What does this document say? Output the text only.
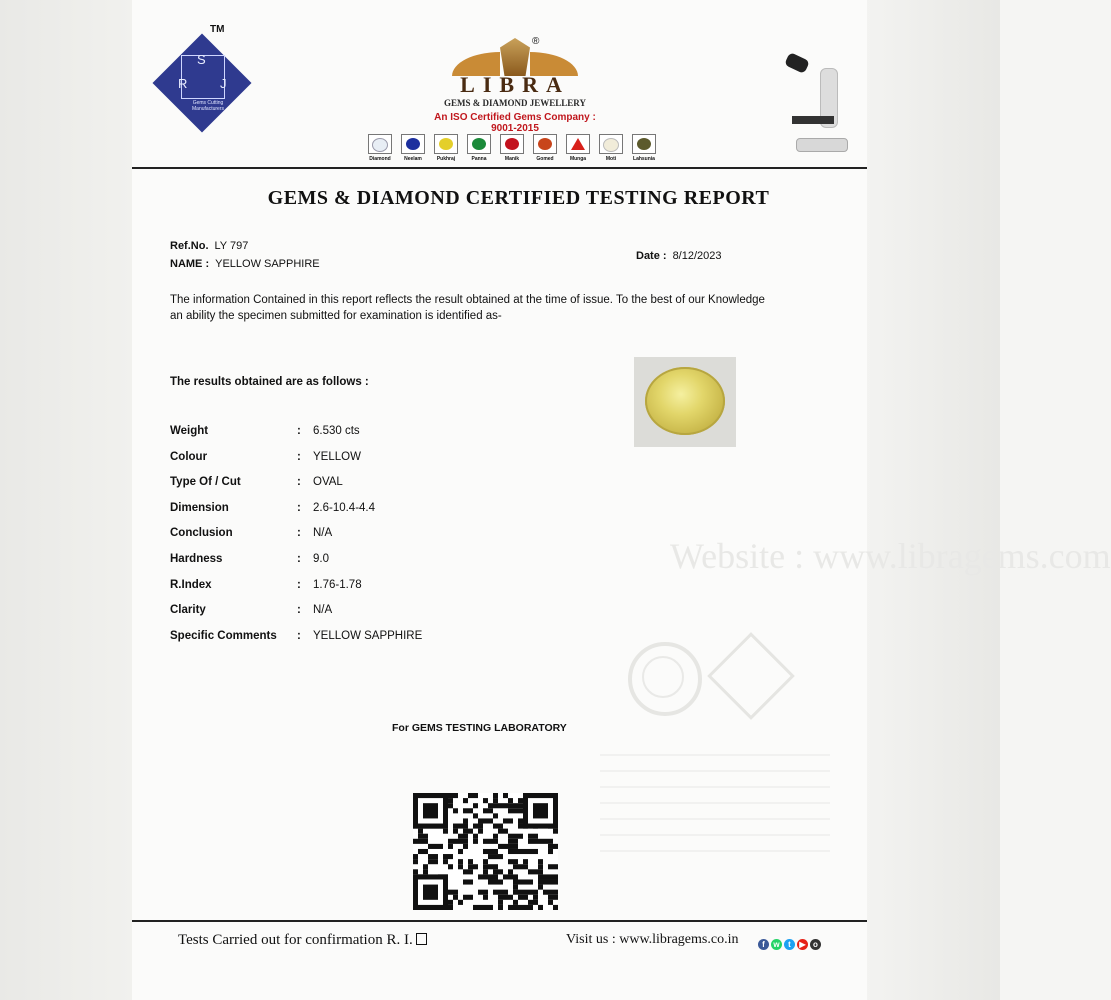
Website : www.libragems.com
S
R	J
Gems Cutting Manufacturers
TM
®
LIBRA
GEMS & DIAMOND JEWELLERY
An ISO Certified Gems Company : 9001-2015
Diamond	Neelam	Pukhraj	Panna	Manik	Gomed	Munga	Moti	Lahsunia
GEMS & DIAMOND CERTIFIED TESTING REPORT
Ref.No. LY 797
NAME : YELLOW SAPPHIRE
Date : 8/12/2023
The information Contained in this report reflects the result obtained at the time of issue. To the best of our Knowledge an ability the specimen submitted for examination is identified as-
The results obtained are as follows :
Weight	: 6.530 cts
Colour	: YELLOW
Type Of / Cut	: OVAL
Dimension	: 2.6-10.4-4.4
Conclusion	: N/A
Hardness	: 9.0
R.Index	: 1.76-1.78
Clarity	: N/A
Specific Comments : YELLOW SAPPHIRE
For GEMS TESTING LABORATORY
Tests Carried out for confirmation R. I.	Visit us : www.libragems.co.in	f w t ▶ o
